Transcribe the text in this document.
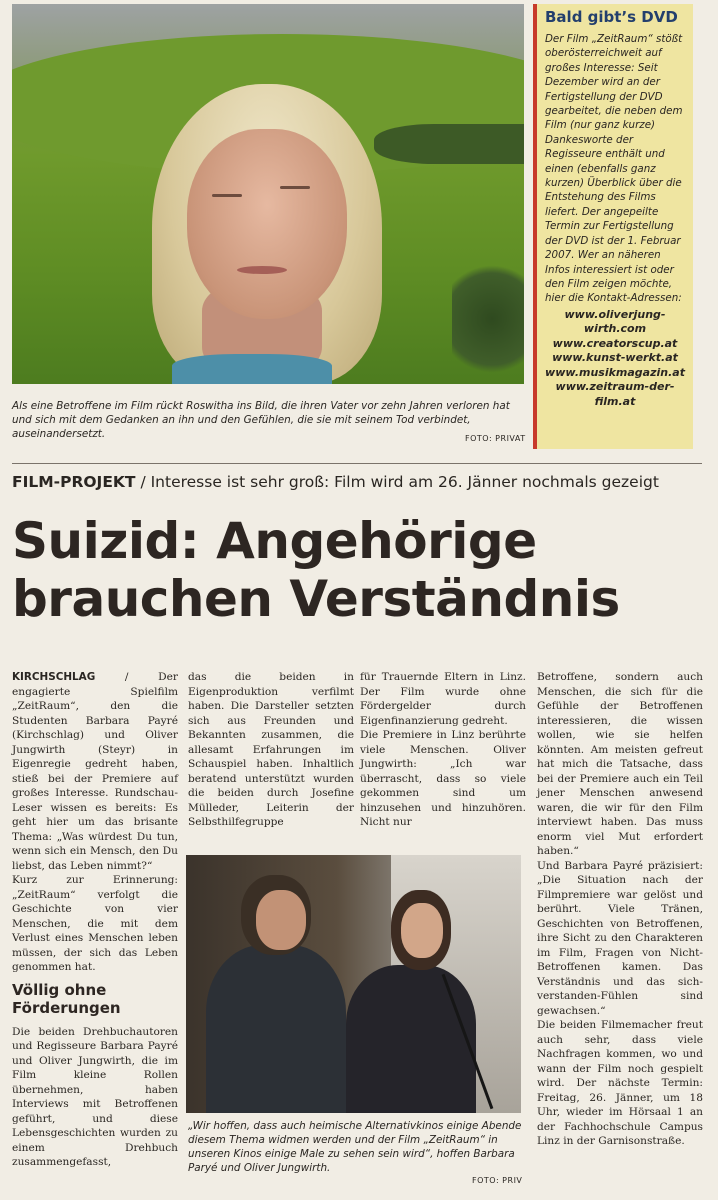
Bald gibt’s DVD

Der Film „ZeitRaum“ stößt oberösterreichweit auf großes Interesse: Seit Dezember wird an der Fertigstellung der DVD gearbeitet, die neben dem Film (nur ganz kurze) Dankesworte der Regisseure enthält und einen (ebenfalls ganz kurzen) Überblick über die Entstehung des Films liefert. Der angepeilte Termin zur Fertigstellung der DVD ist der 1. Februar 2007. Wer an näheren Infos interessiert ist oder den Film zeigen möchte, hier die Kontakt-Adressen:

www.oliverjung-
wirth.com
www.creatorscup.at
www.kunst-werkt.at
www.musikmagazin.at
www.zeitraum-der-
film.at
Als eine Betroffene im Film rückt Roswitha ins Bild, die ihren Vater vor zehn Jahren verloren hat und sich mit dem Gedanken an ihn und den Gefühlen, die sie mit seinem Tod verbindet, auseinandersetzt.	FOTO: PRIVAT
FILM-PROJEKT / Interesse ist sehr groß: Film wird am 26. Jänner nochmals gezeigt
Suizid: Angehörige
brauchen Verständnis

KIRCHSCHLAG / Der engagierte Spielfilm „ZeitRaum“, den die Studenten Barbara Payré (Kirchschlag) und Oliver Jungwirth (Steyr) in Eigenregie gedreht haben, stieß bei der Premiere auf großes Interesse. Rundschau-Leser wissen es bereits: Es geht hier um das brisante Thema: „Was würdest Du tun, wenn sich ein Mensch, den Du liebst, das Leben nimmt?“

Kurz zur Erinnerung: „ZeitRaum“ verfolgt die Geschichte von vier Menschen, die mit dem Verlust eines Menschen leben müssen, der sich das Leben genommen hat.

Völlig ohne Förderungen

Die beiden Drehbuchautoren und Regisseure Barbara Payré und Oliver Jungwirth, die im Film kleine Rollen übernehmen, haben Interviews mit Betroffenen geführt, und diese Lebensgeschichten wurden zu einem Drehbuch zusammengefasst,

das die beiden in Eigenproduktion verfilmt haben. Die Darsteller setzten sich aus Freunden und Bekannten zusammen, die allesamt Erfahrungen im Schauspiel haben. Inhaltlich beratend unterstützt wurden die beiden durch Josefine Mülleder, Leiterin der Selbsthilfegruppe

für Trauernde Eltern in Linz. Der Film wurde ohne Fördergelder durch Eigenfinanzierung gedreht.

Die Premiere in Linz berührte viele Menschen. Oliver Jungwirth: „Ich war überrascht, dass so viele gekommen sind um hinzusehen und hinzuhören. Nicht nur

Betroffene, sondern auch Menschen, die sich für die Gefühle der Betroffenen interessieren, die wissen wollen, wie sie helfen könnten. Am meisten gefreut hat mich die Tatsache, dass bei der Premiere auch ein Teil jener Menschen anwesend waren, die wir für den Film interviewt haben. Das muss enorm viel Mut erfordert haben.“

Und Barbara Payré präzisiert: „Die Situation nach der Filmpremiere war gelöst und berührt. Viele Tränen, Geschichten von Betroffenen, ihre Sicht zu den Charakteren im Film, Fragen von Nicht-Betroffenen kamen. Das Verständnis und das sich-verstanden-Fühlen sind gewachsen.“

Die beiden Filmemacher freut auch sehr, dass viele Nachfragen kommen, wo und wann der Film noch gespielt wird. Der nächste Termin: Freitag, 26. Jänner, um 18 Uhr, wieder im Hörsaal 1 an der Fachhochschule Campus Linz in der Garnisonstraße.

„Wir hoffen, dass auch heimische Alternativkinos einige Abende diesem Thema widmen werden und der Film „ZeitRaum“ in unseren Kinos einige Male zu sehen sein wird“, hoffen Barbara Paryé und Oliver Jungwirth.
FOTO: PRIV
